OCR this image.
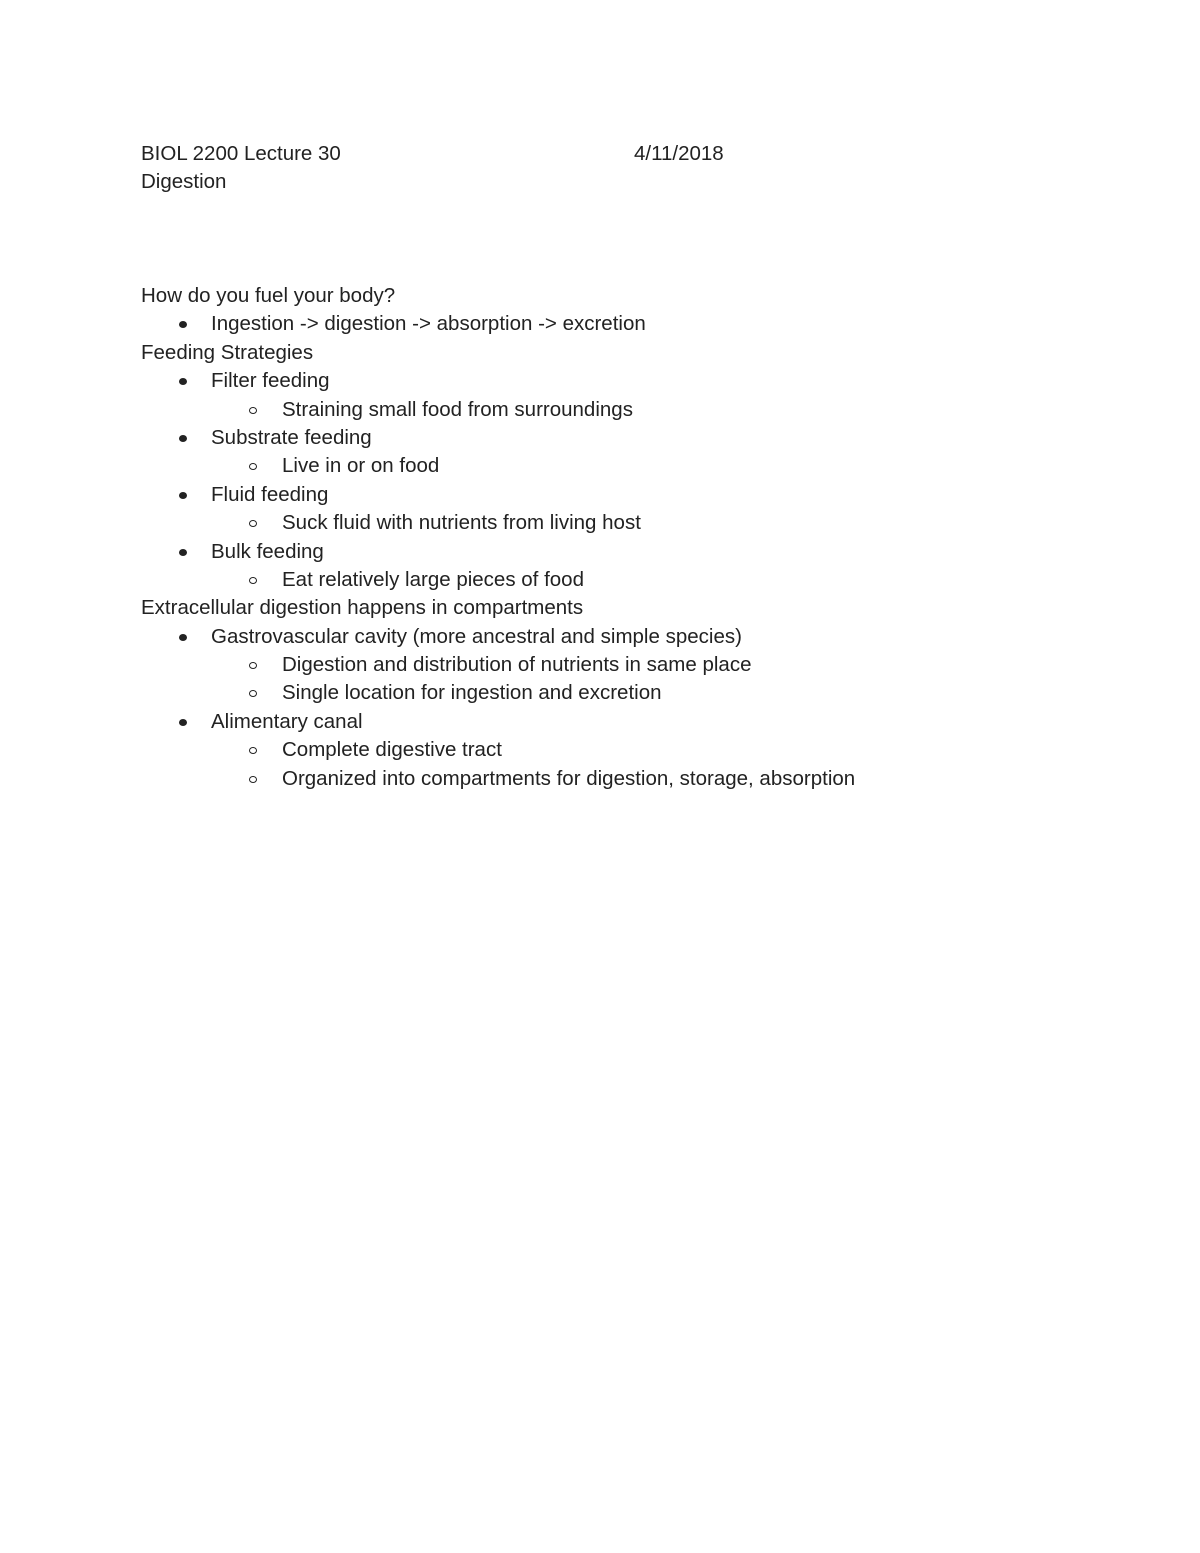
BIOL 2200 Lecture 30	4/11/2018
Digestion
How do you fuel your body?
Ingestion -> digestion -> absorption -> excretion
Feeding Strategies
Filter feeding
Straining small food from surroundings
Substrate feeding
Live in or on food
Fluid feeding
Suck fluid with nutrients from living host
Bulk feeding
Eat relatively large pieces of food
Extracellular digestion happens in compartments
Gastrovascular cavity (more ancestral and simple species)
Digestion and distribution of nutrients in same place
Single location for ingestion and excretion
Alimentary canal
Complete digestive tract
Organized into compartments for digestion, storage, absorption
